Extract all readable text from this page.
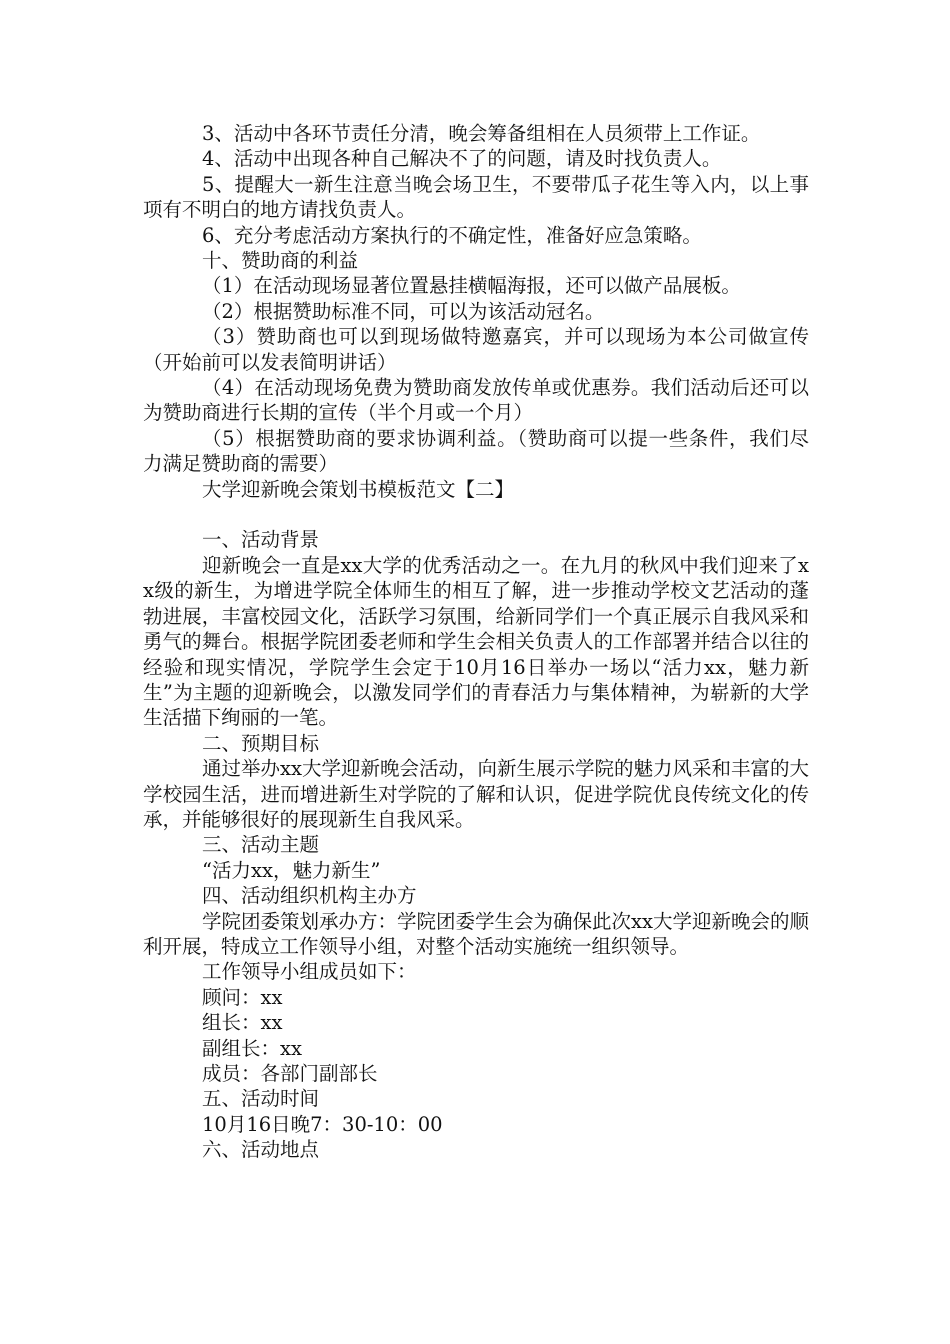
3、活动中各环节责任分清，晚会筹备组相在人员须带上工作证。

4、活动中出现各种自己解决不了的问题，请及时找负责人。

5、提醒大一新生注意当晚会场卫生，不要带瓜子花生等入内，以上事项有不明白的地方请找负责人。

6、充分考虑活动方案执行的不确定性，准备好应急策略。

十、赞助商的利益

（1）在活动现场显著位置悬挂横幅海报，还可以做产品展板。

（2）根据赞助标准不同，可以为该活动冠名。

（3）赞助商也可以到现场做特邀嘉宾，并可以现场为本公司做宣传（开始前可以发表简明讲话）

（4）在活动现场免费为赞助商发放传单或优惠券。我们活动后还可以为赞助商进行长期的宣传（半个月或一个月）

（5）根据赞助商的要求协调利益。（赞助商可以提一些条件，我们尽力满足赞助商的需要）

大学迎新晚会策划书模板范文【二】

一、活动背景

迎新晚会一直是xx大学的优秀活动之一。在九月的秋风中我们迎来了xx级的新生，为增进学院全体师生的相互了解，进一步推动学校文艺活动的蓬勃进展，丰富校园文化，活跃学习氛围，给新同学们一个真正展示自我风采和勇气的舞台。根据学院团委老师和学生会相关负责人的工作部署并结合以往的经验和现实情况，学院学生会定于10月16日举办一场以“活力xx，魅力新生”为主题的迎新晚会，以激发同学们的青春活力与集体精神，为崭新的大学生活描下绚丽的一笔。

二、预期目标

通过举办xx大学迎新晚会活动，向新生展示学院的魅力风采和丰富的大学校园生活，进而增进新生对学院的了解和认识，促进学院优良传统文化的传承，并能够很好的展现新生自我风采。

三、活动主题

“活力xx，魅力新生”

四、活动组织机构主办方

学院团委策划承办方：学院团委学生会为确保此次xx大学迎新晚会的顺利开展，特成立工作领导小组，对整个活动实施统一组织领导。

工作领导小组成员如下：

顾问：xx

组长：xx

副组长：xx

成员：各部门副部长

五、活动时间

10月16日晚7：30-10：00

六、活动地点
